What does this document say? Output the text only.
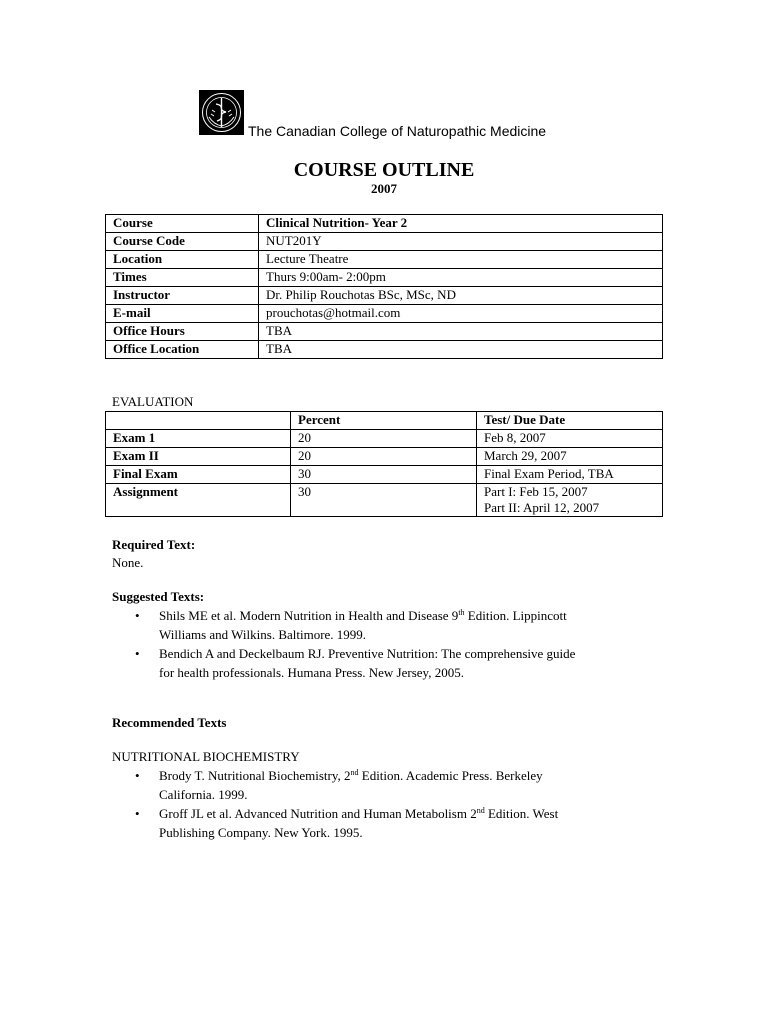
The Canadian College of Naturopathic Medicine
COURSE OUTLINE
2007
Course	Clinical Nutrition- Year 2
Course Code	NUT201Y
Location	Lecture Theatre
Times	Thurs 9:00am- 2:00pm
Instructor	Dr. Philip Rouchotas BSc, MSc, ND
E-mail	prouchotas@hotmail.com
Office Hours	TBA
Office Location	TBA
EVALUATION
	Percent	Test/ Due Date
Exam 1	20	Feb 8, 2007
Exam II	20	March 29, 2007
Final Exam	30	Final Exam Period, TBA
Assignment	30	Part I: Feb 15, 2007
Part II: April 12, 2007
Required Text:
None.
Suggested Texts:
• Shils ME et al. Modern Nutrition in Health and Disease 9th Edition. Lippincott
Williams and Wilkins. Baltimore. 1999.
• Bendich A and Deckelbaum RJ. Preventive Nutrition: The comprehensive guide
for health professionals. Humana Press. New Jersey, 2005.
Recommended Texts
NUTRITIONAL BIOCHEMISTRY
• Brody T. Nutritional Biochemistry, 2nd Edition. Academic Press. Berkeley
California. 1999.
• Groff JL et al. Advanced Nutrition and Human Metabolism 2nd Edition. West
Publishing Company. New York. 1995.
